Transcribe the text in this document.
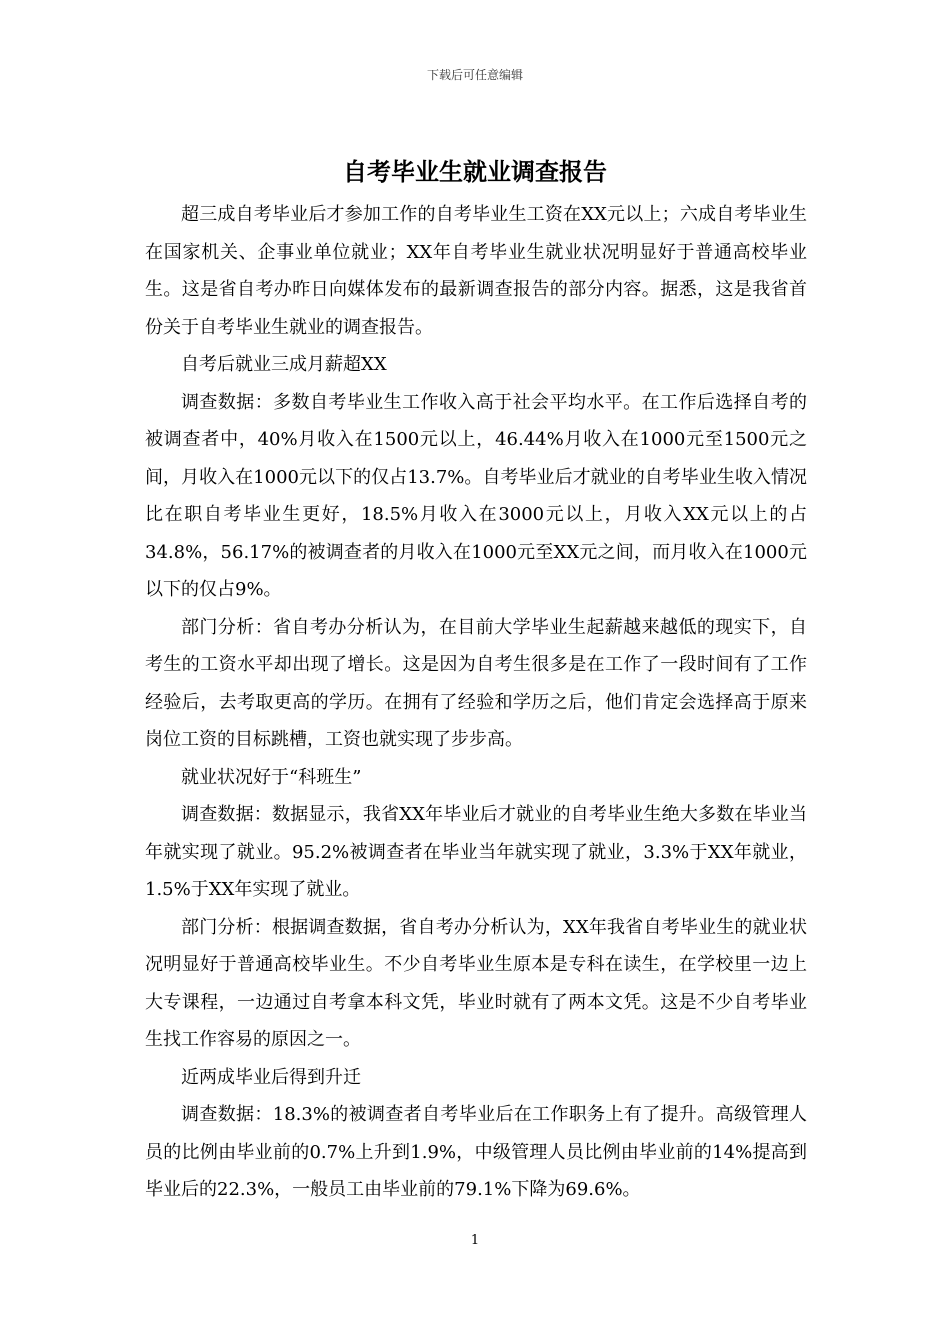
下载后可任意编辑
自考毕业生就业调查报告

超三成自考毕业后才参加工作的自考毕业生工资在XX元以上；六成自考毕业生在国家机关、企事业单位就业；XX年自考毕业生就业状况明显好于普通高校毕业生。这是省自考办昨日向媒体发布的最新调查报告的部分内容。据悉，这是我省首份关于自考毕业生就业的调查报告。

自考后就业三成月薪超XX

调查数据：多数自考毕业生工作收入高于社会平均水平。在工作后选择自考的被调查者中，40%月收入在1500元以上，46.44%月收入在1000元至1500元之间，月收入在1000元以下的仅占13.7%。自考毕业后才就业的自考毕业生收入情况比在职自考毕业生更好，18.5%月收入在3000元以上，月收入XX元以上的占34.8%，56.17%的被调查者的月收入在1000元至XX元之间，而月收入在1000元以下的仅占9%。

部门分析：省自考办分析认为，在目前大学毕业生起薪越来越低的现实下，自考生的工资水平却出现了增长。这是因为自考生很多是在工作了一段时间有了工作经验后，去考取更高的学历。在拥有了经验和学历之后，他们肯定会选择高于原来岗位工资的目标跳槽，工资也就实现了步步高。

就业状况好于“科班生”

调查数据：数据显示，我省XX年毕业后才就业的自考毕业生绝大多数在毕业当年就实现了就业。95.2%被调查者在毕业当年就实现了就业，3.3%于XX年就业，1.5%于XX年实现了就业。

部门分析：根据调查数据，省自考办分析认为，XX年我省自考毕业生的就业状况明显好于普通高校毕业生。不少自考毕业生原本是专科在读生，在学校里一边上大专课程，一边通过自考拿本科文凭，毕业时就有了两本文凭。这是不少自考毕业生找工作容易的原因之一。

近两成毕业后得到升迁

调查数据：18.3%的被调查者自考毕业后在工作职务上有了提升。高级管理人员的比例由毕业前的0.7%上升到1.9%，中级管理人员比例由毕业前的14%提高到毕业后的22.3%，一般员工由毕业前的79.1%下降为69.6%。

1
